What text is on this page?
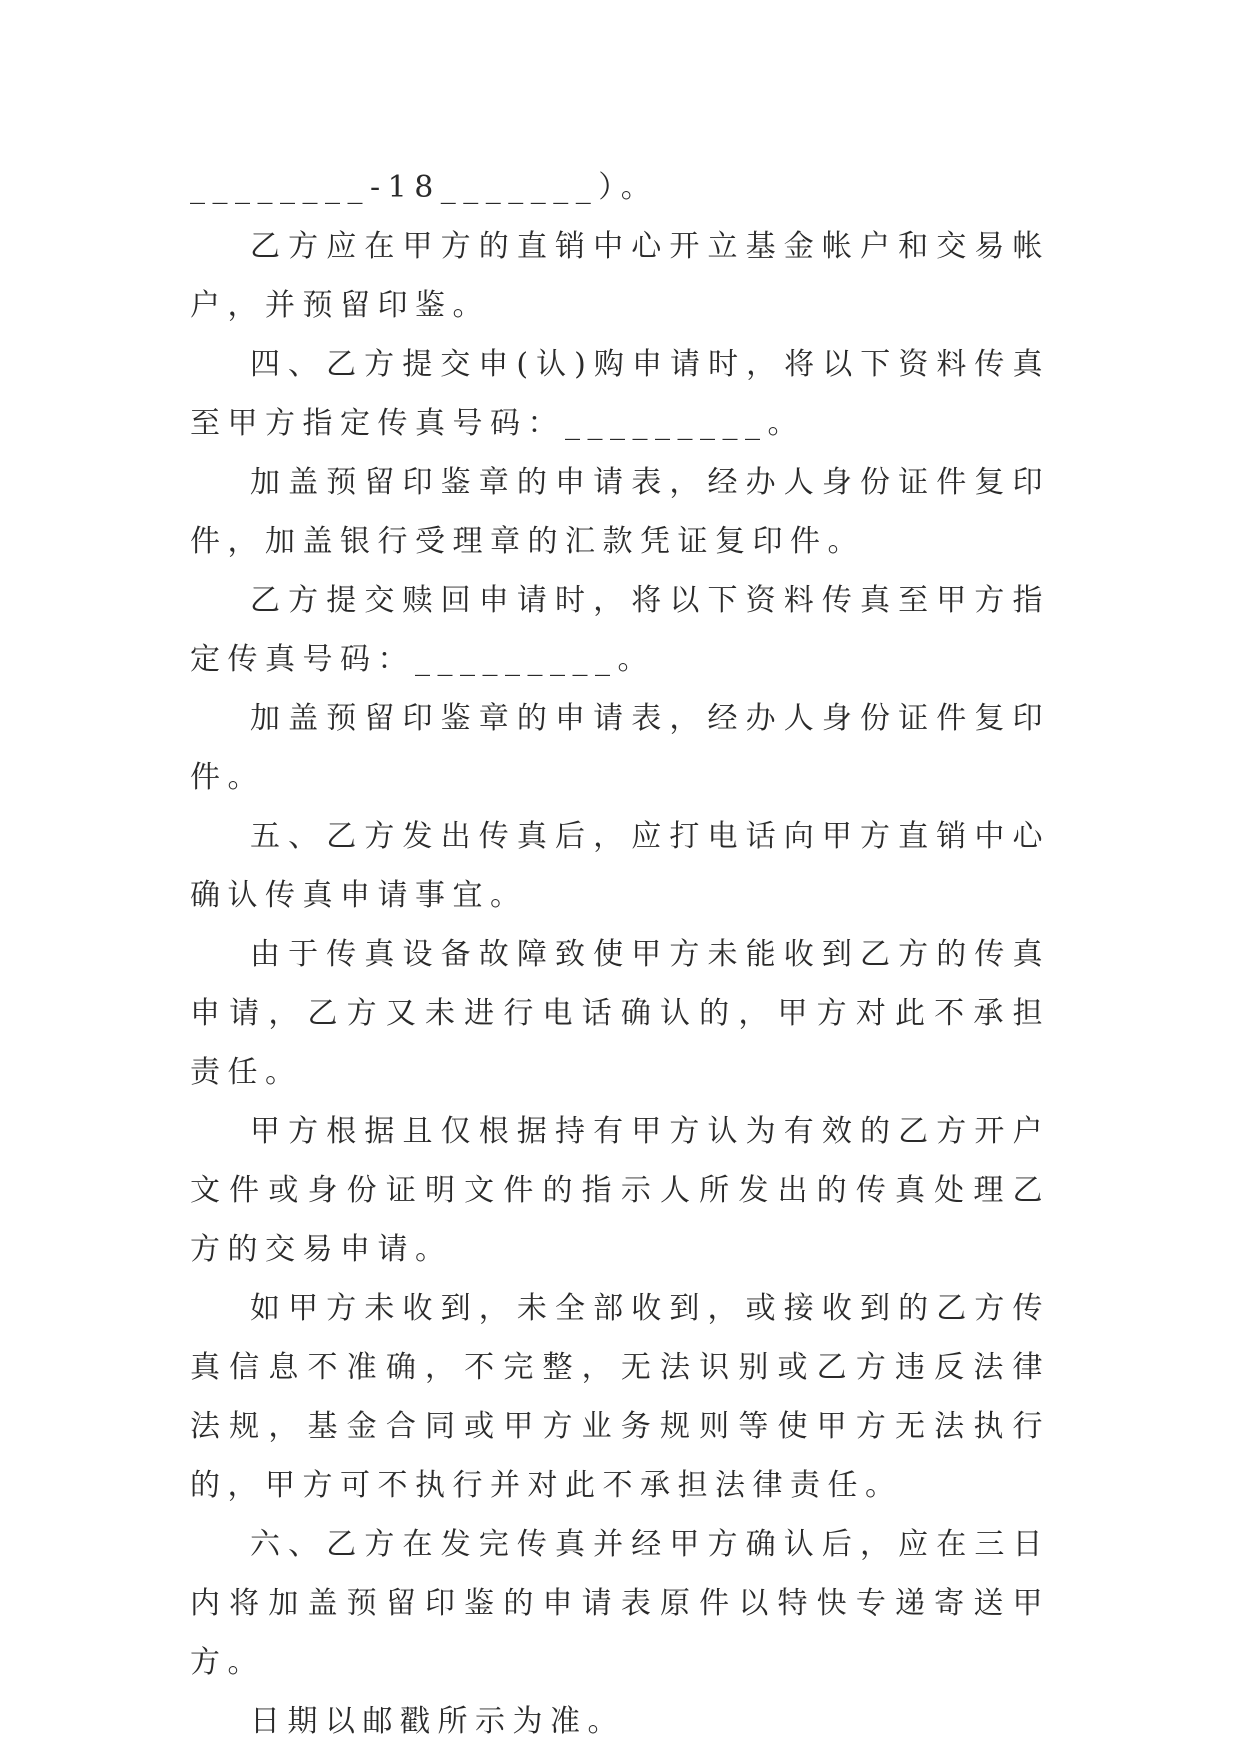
________-18_______）。

乙方应在甲方的直销中心开立基金帐户和交易帐户，并预留印鉴。

四、乙方提交申(认)购申请时，将以下资料传真至甲方指定传真号码：_________。

加盖预留印鉴章的申请表，经办人身份证件复印件，加盖银行受理章的汇款凭证复印件。

乙方提交赎回申请时，将以下资料传真至甲方指定传真号码：_________。

加盖预留印鉴章的申请表，经办人身份证件复印件。

五、乙方发出传真后，应打电话向甲方直销中心确认传真申请事宜。

由于传真设备故障致使甲方未能收到乙方的传真申请，乙方又未进行电话确认的，甲方对此不承担责任。

甲方根据且仅根据持有甲方认为有效的乙方开户文件或身份证明文件的指示人所发出的传真处理乙方的交易申请。

如甲方未收到，未全部收到，或接收到的乙方传真信息不准确，不完整，无法识别或乙方违反法律法规，基金合同或甲方业务规则等使甲方无法执行的，甲方可不执行并对此不承担法律责任。

六、乙方在发完传真并经甲方确认后，应在三日内将加盖预留印鉴的申请表原件以特快专递寄送甲方。

日期以邮戳所示为准。
